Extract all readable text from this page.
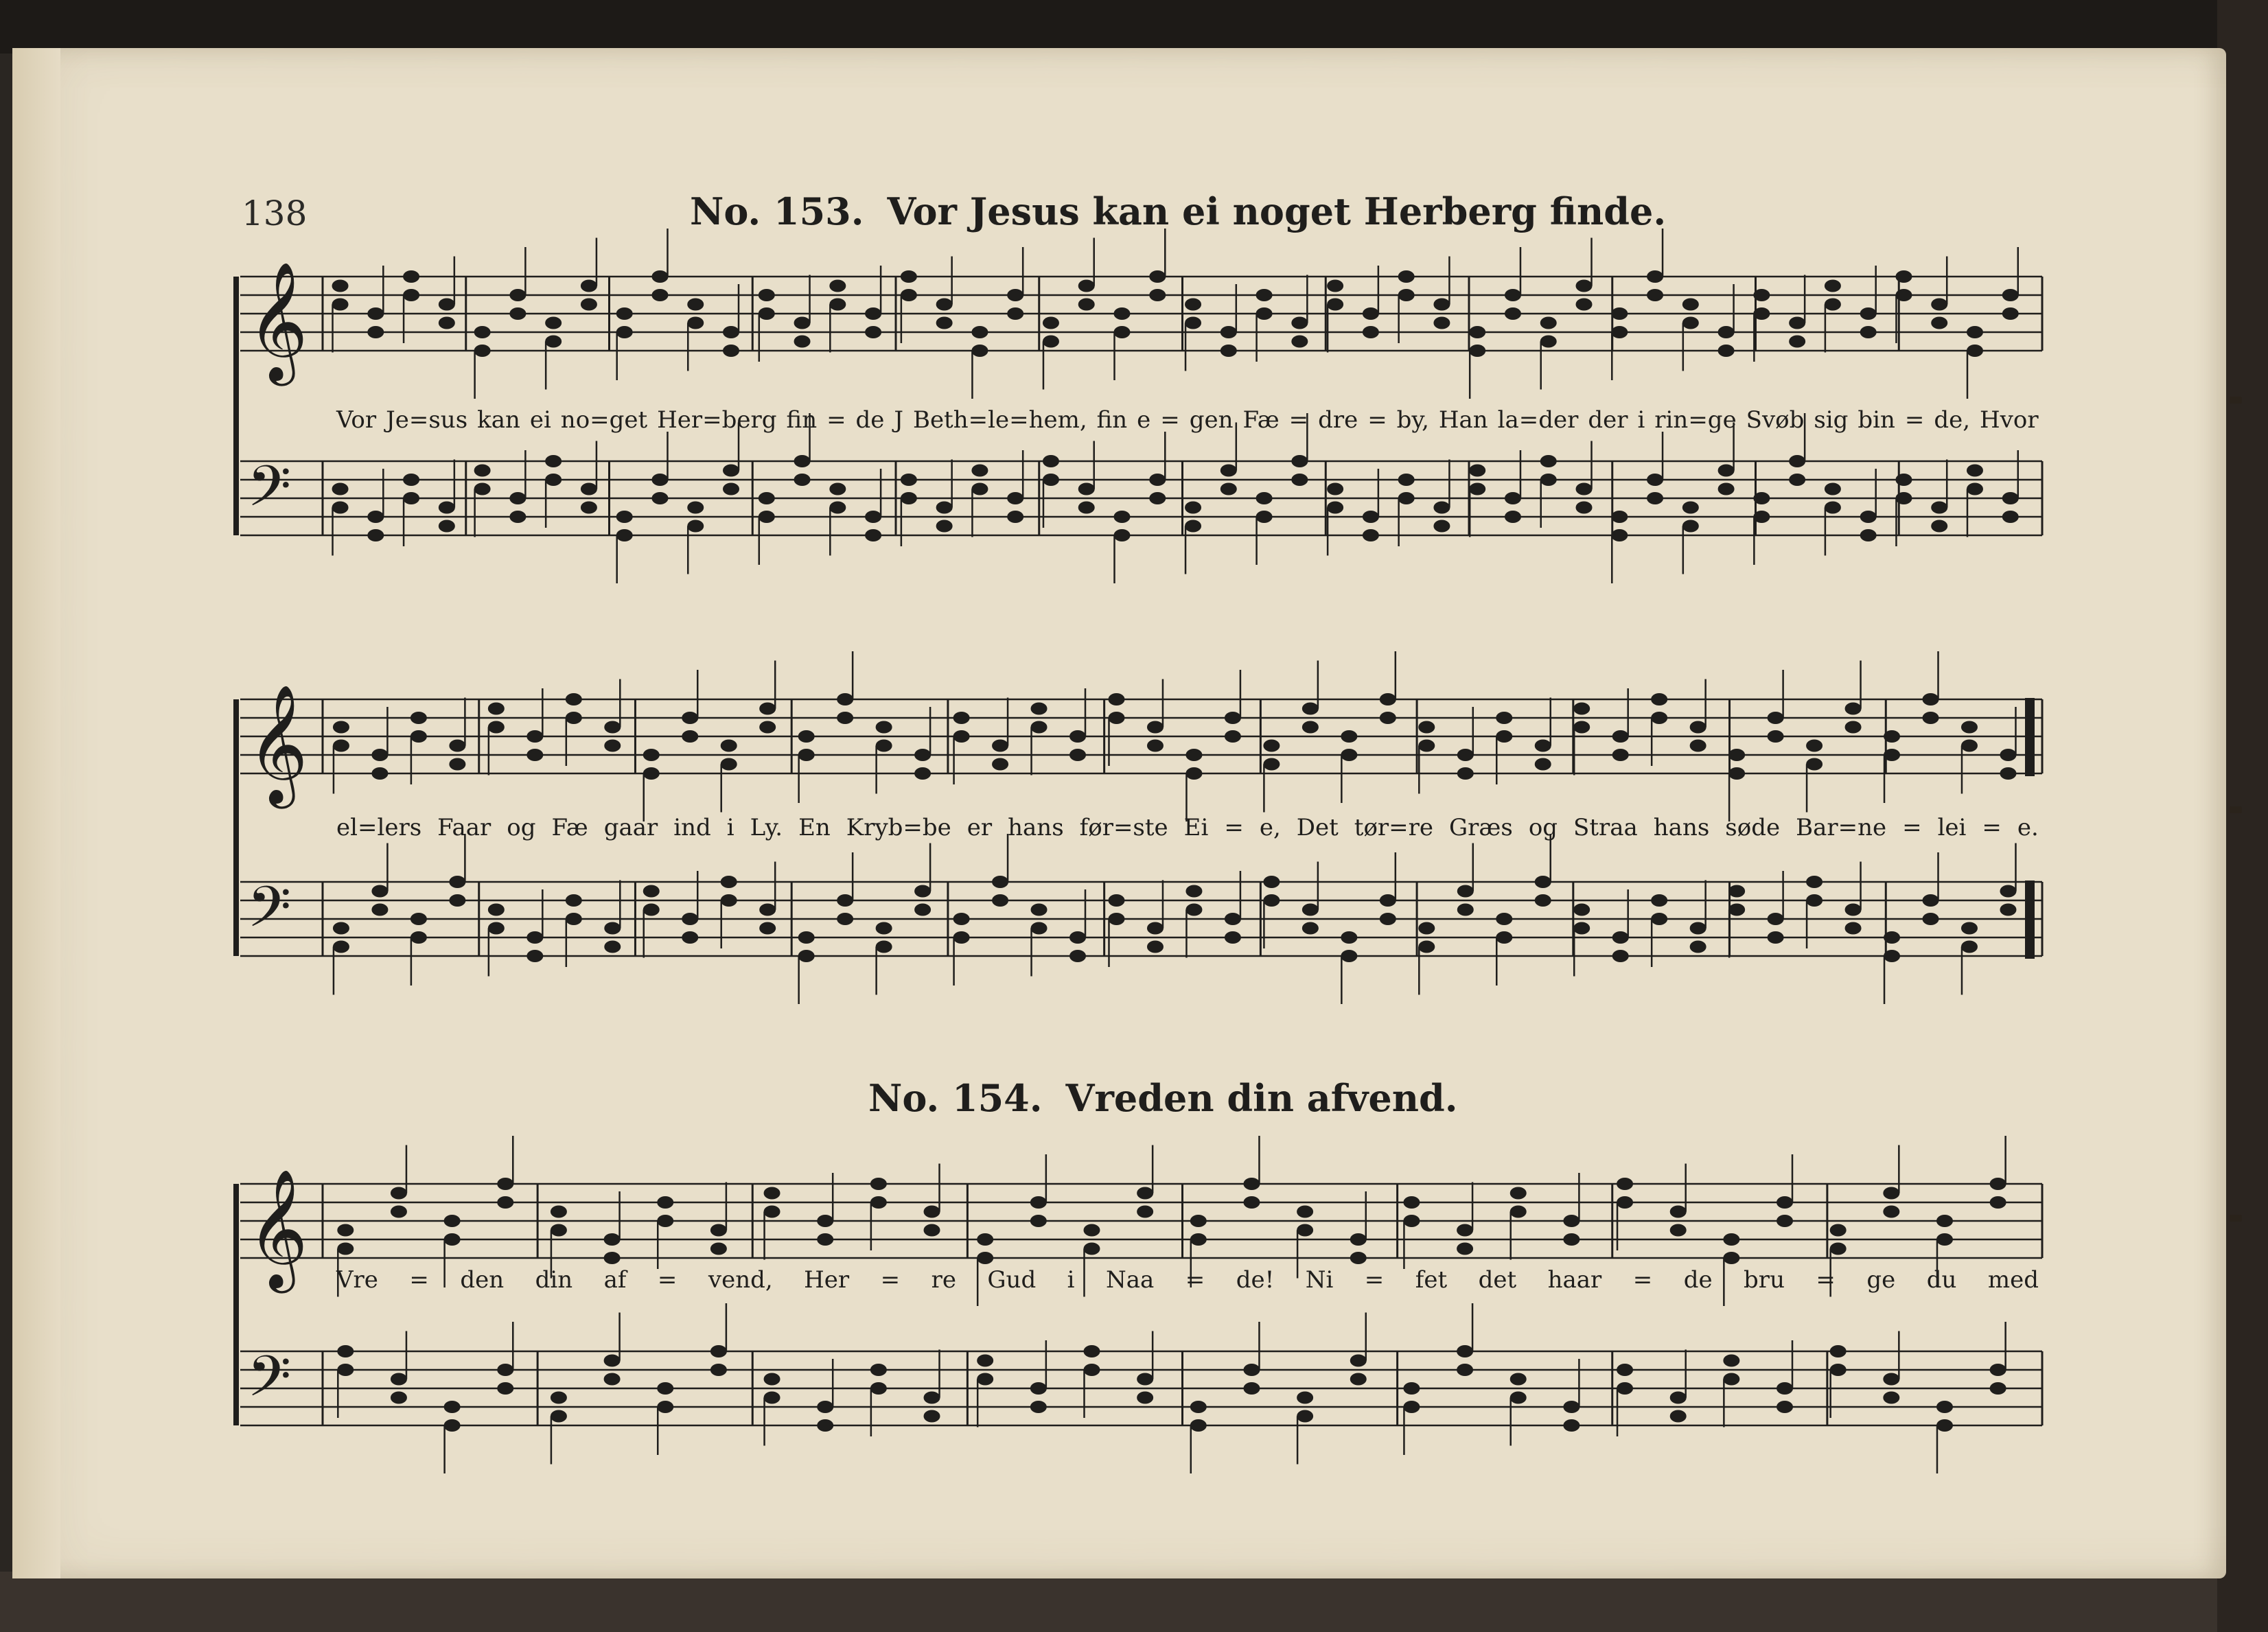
138	No. 153. Vor Jesus kan ei noget Herberg finde.
No. 154. Vreden din afvend.
𝄞
𝄢
𝄞
𝄢
𝄞
𝄢
Vor Je=sus kan ei no=get Her=berg fin = de J Beth=le=hem, fin e = gen Fæ = dre = by, Han la=der der i rin=ge Svøb sig bin = de, Hvor
el=lers Faar og Fæ gaar ind i Ly. En Kryb=be er hans før=ste Ei = e, Det tør=re Græs og Straa hans søde Bar=ne = lei = e.
Vre = den din af = vend, Her = re Gud i Naa = de! Ni = fet det haar = de bru = ge du med
